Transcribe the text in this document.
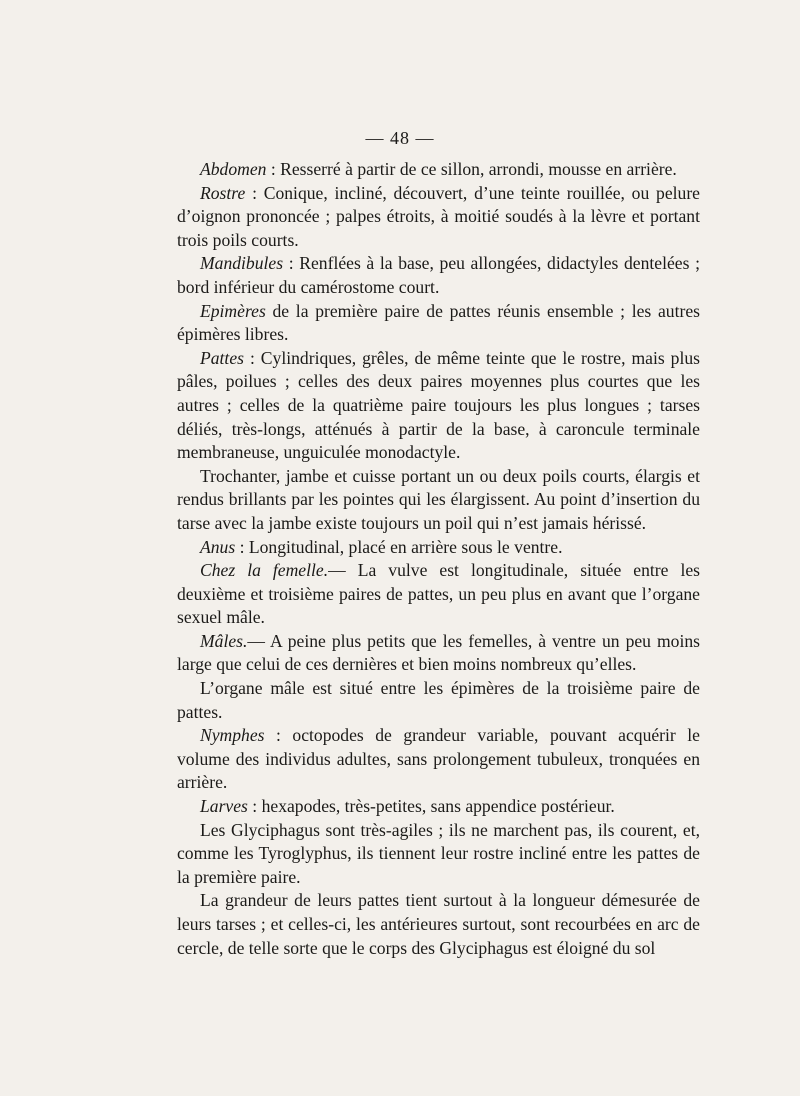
— 48 —

Abdomen : Resserré à partir de ce sillon, arrondi, mousse en arrière.

Rostre : Conique, incliné, découvert, d’une teinte rouillée, ou pelure d’oignon prononcée ; palpes étroits, à moitié soudés à la lèvre et portant trois poils courts.

Mandibules : Renflées à la base, peu allongées, didactyles dentelées ; bord inférieur du camérostome court.

Epimères de la première paire de pattes réunis ensemble ; les autres épimères libres.

Pattes : Cylindriques, grêles, de même teinte que le rostre, mais plus pâles, poilues ; celles des deux paires moyennes plus courtes que les autres ; celles de la quatrième paire toujours les plus longues ; tarses déliés, très-longs, atténués à partir de la base, à caroncule terminale membraneuse, unguiculée monodactyle.

Trochanter, jambe et cuisse portant un ou deux poils courts, élargis et rendus brillants par les pointes qui les élargissent. Au point d’insertion du tarse avec la jambe existe toujours un poil qui n’est jamais hérissé.

Anus : Longitudinal, placé en arrière sous le ventre.

Chez la femelle.— La vulve est longitudinale, située entre les deuxième et troisième paires de pattes, un peu plus en avant que l’organe sexuel mâle.

Mâles.— A peine plus petits que les femelles, à ventre un peu moins large que celui de ces dernières et bien moins nombreux qu’elles.

L’organe mâle est situé entre les épimères de la troisième paire de pattes.

Nymphes : octopodes de grandeur variable, pouvant acquérir le volume des individus adultes, sans prolongement tubuleux, tronquées en arrière.

Larves : hexapodes, très-petites, sans appendice postérieur.

Les Glyciphagus sont très-agiles ; ils ne marchent pas, ils courent, et, comme les Tyroglyphus, ils tiennent leur rostre incliné entre les pattes de la première paire.

La grandeur de leurs pattes tient surtout à la longueur démesurée de leurs tarses ; et celles-ci, les antérieures surtout, sont recourbées en arc de cercle, de telle sorte que le corps des Glyciphagus est éloigné du sol
